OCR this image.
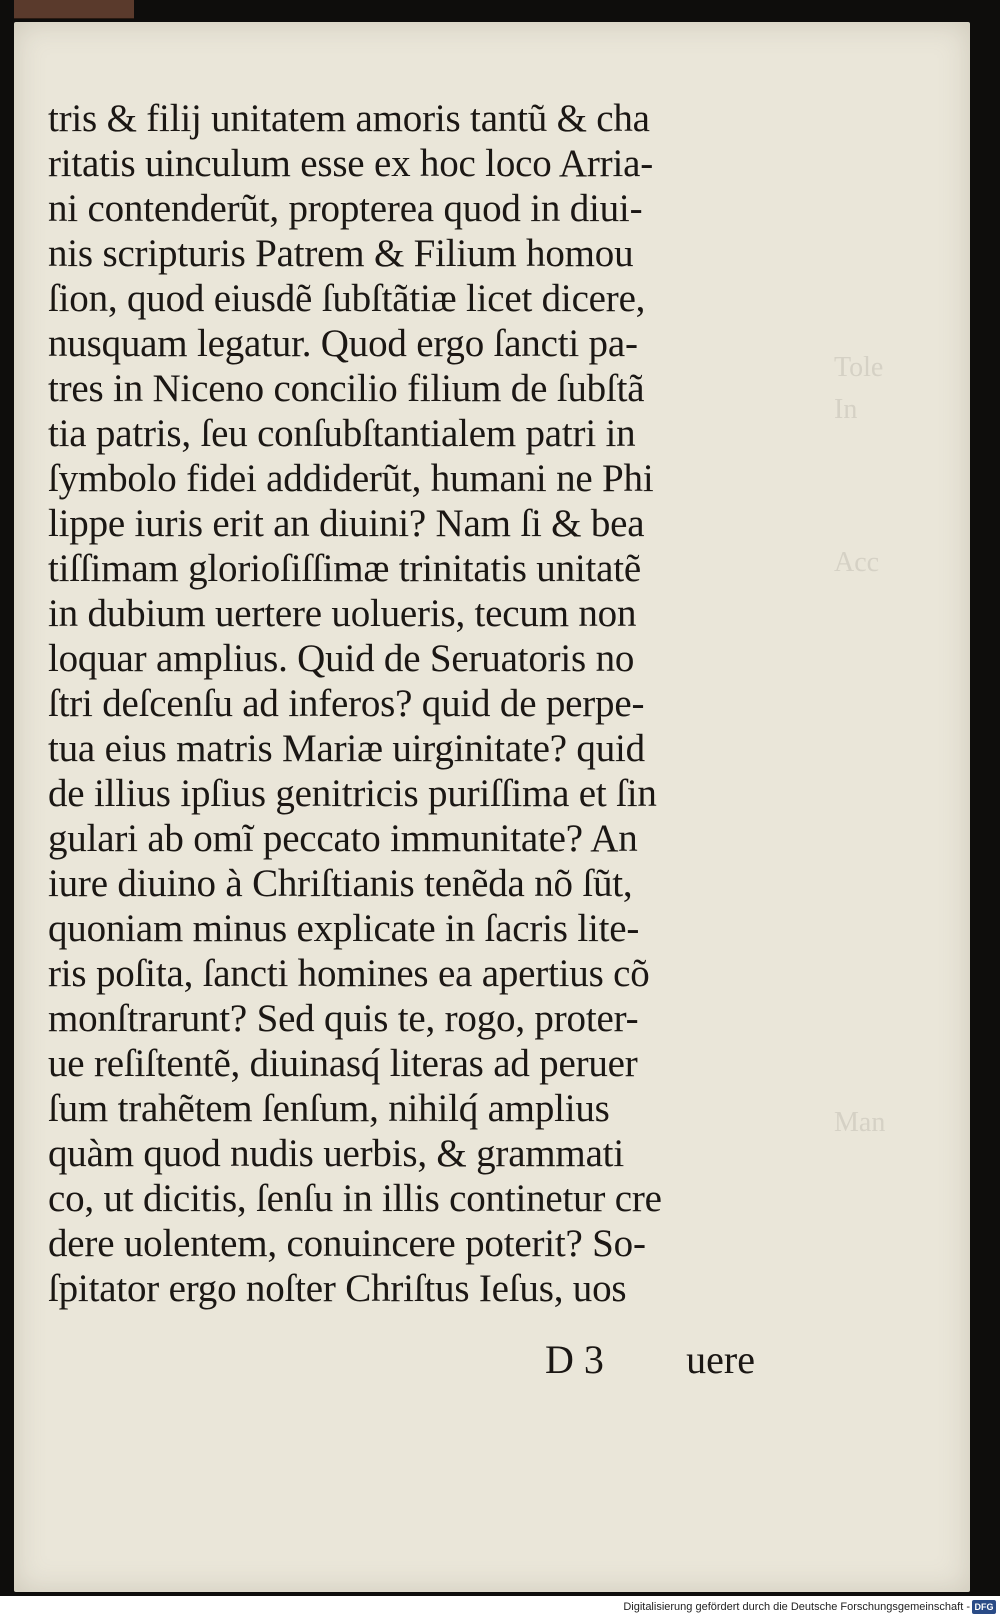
Tole
In
Acc
Man
tris & filij unitatem amoris tantũ & cha
ritatis uinculum esse ex hoc loco Arria-
ni contenderũt, propterea quod in diui-
nis scripturis Patrem & Filium homou
ſion, quod eiusdẽ ſubſtãtiæ licet dicere,
nusquam legatur. Quod ergo ſancti pa-
tres in Niceno concilio filium de ſubſtã
tia patris, ſeu conſubſtantialem patri in
ſymbolo fidei addiderũt, humani ne Phi
lippe iuris erit an diuini? Nam ſi & bea
tiſſimam glorioſiſſimæ trinitatis unitatẽ
in dubium uertere uolueris, tecum non
loquar amplius. Quid de Seruatoris no
ſtri deſcenſu ad inferos? quid de perpe-
tua eius matris Mariæ uirginitate? quid
de illius ipſius genitricis puriſſima et ſin
gulari ab omĩ peccato immunitate? An
iure diuino à Chriſtianis tenẽda nõ ſũt,
quoniam minus explicate in ſacris lite-
ris poſita, ſancti homines ea apertius cõ
monſtrarunt? Sed quis te, rogo, proter-
ue reſiſtentẽ, diuinasq́ literas ad peruer
ſum trahẽtem ſenſum, nihilq́ amplius
quàm quod nudis uerbis, & grammati
co, ut dicitis, ſenſu in illis continetur cre
dere uolentem, conuincere poterit? So-
ſpitator ergo noſter Chriſtus Ieſus, uos
D 3 uere
Digitalisierung gefördert durch die Deutsche Forschungsgemeinschaft - DFG
